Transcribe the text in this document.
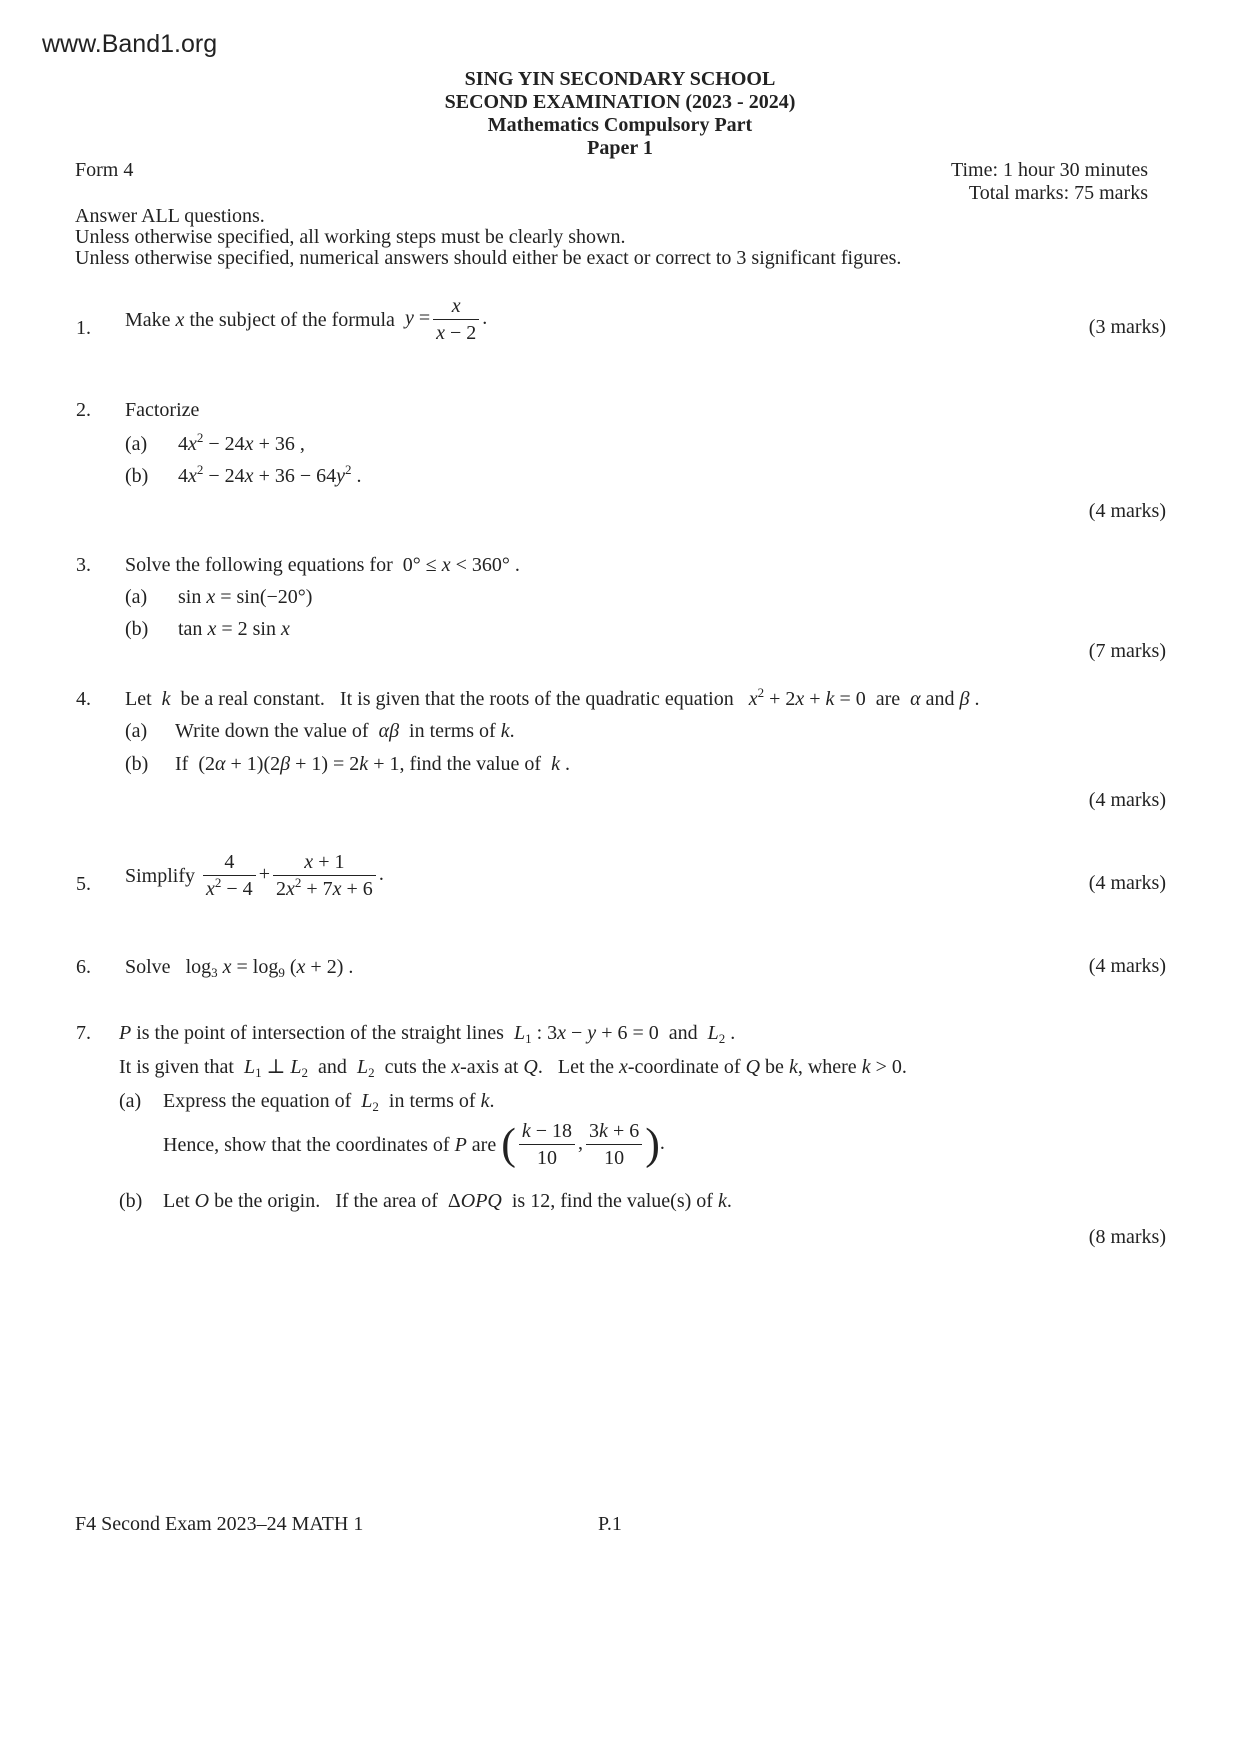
www.Band1.org
SING YIN SECONDARY SCHOOL
SECOND EXAMINATION (2023 - 2024)
Mathematics Compulsory Part
Paper 1
Form 4	Time: 1 hour 30 minutes
Total marks: 75 marks
Answer ALL questions.
Unless otherwise specified, all working steps must be clearly shown.
Unless otherwise specified, numerical answers should either be exact or correct to 3 significant figures.
1. Make x the subject of the formula  $y = \frac{x}{x - 2}$ .	(3 marks)
2. Factorize
(a) $4x^2 - 24x + 36$ ,
(b) $4x^2 - 24x + 36 - 64y^2$ .
(4 marks)
3. Solve the following equations for  0° ≤ x < 360° .
(a) sin x = sin(−20°)
(b) tan x = 2 sin x
(7 marks)
4. Let  k  be a real constant.   It is given that the roots of the quadratic equation   $x^2 + 2x + k = 0$  are  α and β .
(a) Write down the value of αβ in terms of k.
(b) If  (2α + 1)(2β + 1) = 2k + 1, find the value of k .
(4 marks)
5. Simplify $\frac{4}{x^2 - 4} + \frac{x + 1}{2x^2 + 7x + 6}$ .	(4 marks)
6. Solve   $\log_3 x = \log_9 (x + 2)$ .	(4 marks)
7. P is the point of intersection of the straight lines  $L_1$ : 3x − y + 6 = 0  and  $L_2$ .
It is given that  $L_1$ ⊥ $L_2$  and  $L_2$  cuts the x-axis at Q.   Let the x-coordinate of Q be k, where k > 0.
(a) Express the equation of  $L_2$  in terms of k.
Hence, show that the coordinates of P are ( $\frac{k - 18}{10}$ , $\frac{3k + 6}{10}$ ).
(b) Let O be the origin.   If the area of  ΔOPQ  is 12, find the value(s) of k.
(8 marks)
F4 Second Exam 2023–24 MATH 1	P.1
